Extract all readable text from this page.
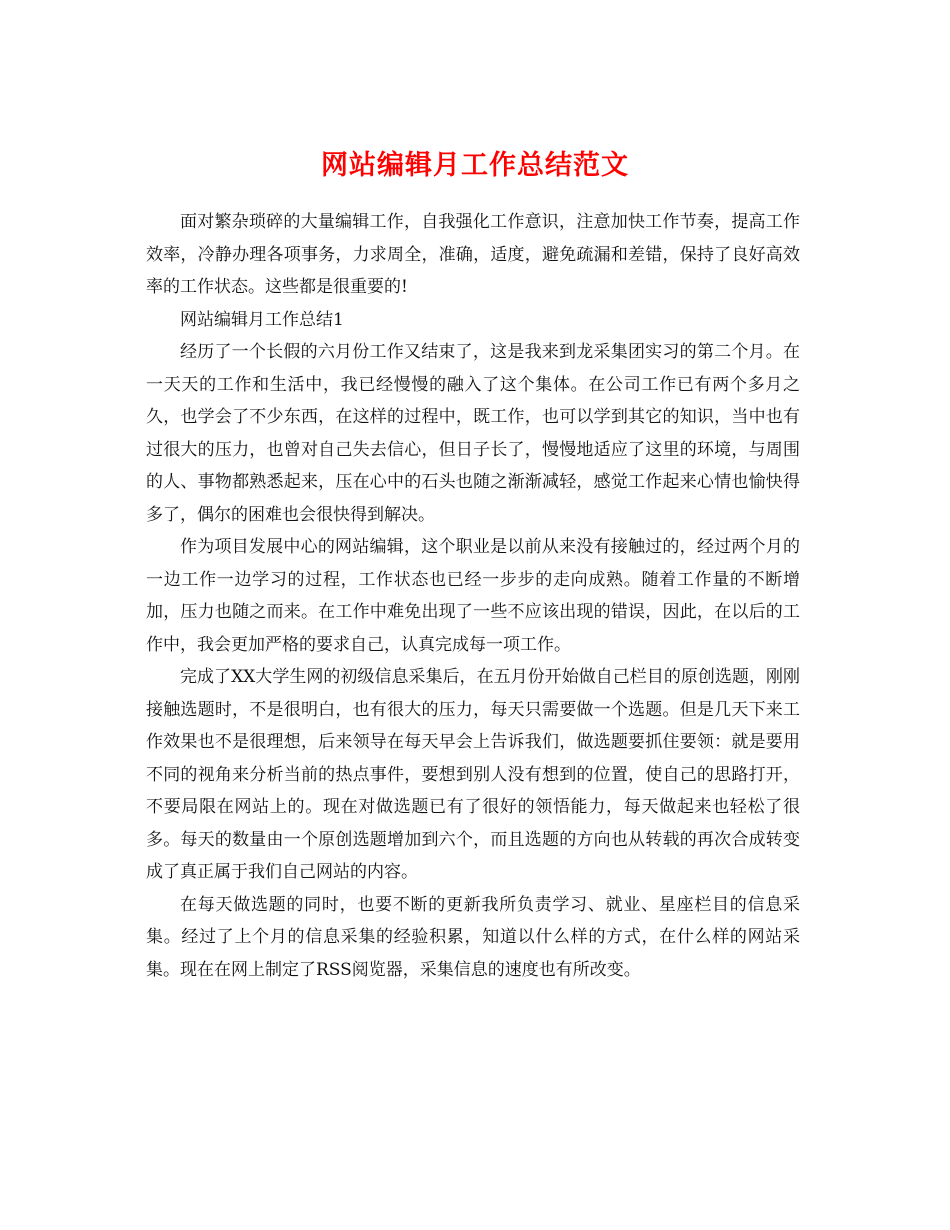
网站编辑月工作总结范文

面对繁杂琐碎的大量编辑工作，自我强化工作意识，注意加快工作节奏，提高工作效率，冷静办理各项事务，力求周全，准确，适度，避免疏漏和差错，保持了良好高效率的工作状态。这些都是很重要的!

网站编辑月工作总结1

经历了一个长假的六月份工作又结束了，这是我来到龙采集团实习的第二个月。在一天天的工作和生活中，我已经慢慢的融入了这个集体。在公司工作已有两个多月之久，也学会了不少东西，在这样的过程中，既工作，也可以学到其它的知识，当中也有过很大的压力，也曾对自己失去信心，但日子长了，慢慢地适应了这里的环境，与周围的人、事物都熟悉起来，压在心中的石头也随之渐渐减轻，感觉工作起来心情也愉快得多了，偶尔的困难也会很快得到解决。

作为项目发展中心的网站编辑，这个职业是以前从来没有接触过的，经过两个月的一边工作一边学习的过程，工作状态也已经一步步的走向成熟。随着工作量的不断增加，压力也随之而来。在工作中难免出现了一些不应该出现的错误，因此，在以后的工作中，我会更加严格的要求自己，认真完成每一项工作。

完成了XX大学生网的初级信息采集后，在五月份开始做自己栏目的原创选题，刚刚接触选题时，不是很明白，也有很大的压力，每天只需要做一个选题。但是几天下来工作效果也不是很理想，后来领导在每天早会上告诉我们，做选题要抓住要领：就是要用不同的视角来分析当前的热点事件，要想到别人没有想到的位置，使自己的思路打开，不要局限在网站上的。现在对做选题已有了很好的领悟能力，每天做起来也轻松了很多。每天的数量由一个原创选题增加到六个，而且选题的方向也从转载的再次合成转变成了真正属于我们自己网站的内容。

在每天做选题的同时，也要不断的更新我所负责学习、就业、星座栏目的信息采集。经过了上个月的信息采集的经验积累，知道以什么样的方式，在什么样的网站采集。现在在网上制定了RSS阅览器，采集信息的速度也有所改变。
